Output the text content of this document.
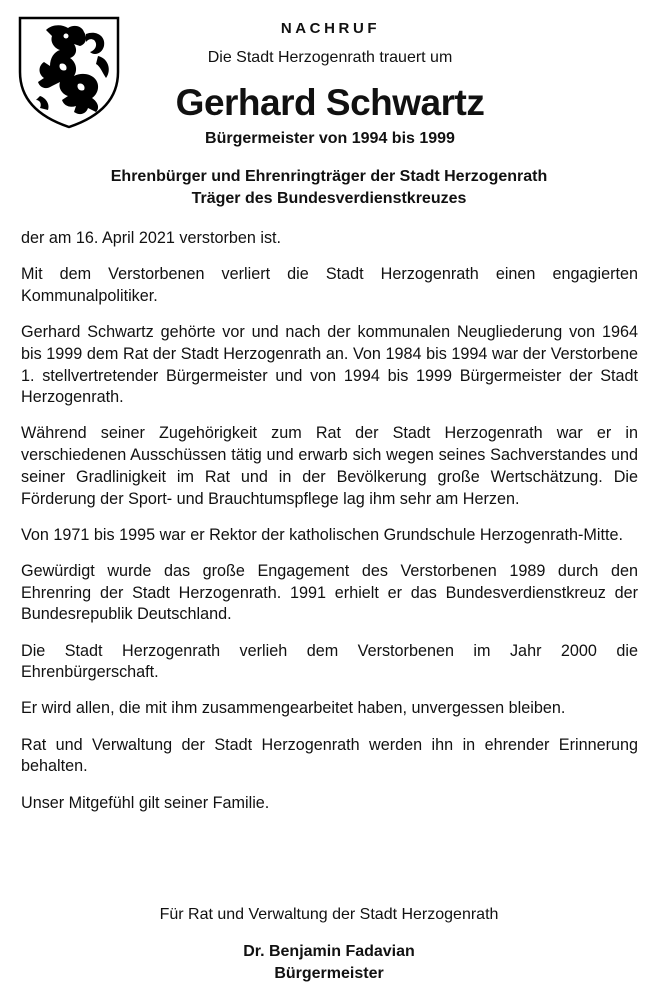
NACHRUF
Die Stadt Herzogenrath trauert um
Gerhard Schwartz
Bürgermeister von 1994 bis 1999
Ehrenbürger und Ehrenringträger der Stadt Herzogenrath
Träger des Bundesverdienstkreuzes

der am 16. April 2021 verstorben ist.

Mit dem Verstorbenen verliert die Stadt Herzogenrath einen engagierten Kommunalpolitiker.

Gerhard Schwartz gehörte vor und nach der kommunalen Neugliederung von 1964 bis 1999 dem Rat der Stadt Herzogenrath an. Von 1984 bis 1994 war der Verstorbene 1. stellvertretender Bürgermeister und von 1994 bis 1999 Bürgermeister der Stadt Herzogenrath.

Während seiner Zugehörigkeit zum Rat der Stadt Herzogenrath war er in verschiedenen Ausschüssen tätig und erwarb sich wegen seines Sachverstandes und seiner Gradlinigkeit im Rat und in der Bevölkerung große Wertschätzung. Die Förderung der Sport- und Brauchtumspflege lag ihm sehr am Herzen.

Von 1971 bis 1995 war er Rektor der katholischen Grundschule Herzogenrath-Mitte.

Gewürdigt wurde das große Engagement des Verstorbenen 1989 durch den Ehrenring der Stadt Herzogenrath. 1991 erhielt er das Bundesverdienstkreuz der Bundesrepublik Deutschland.

Die Stadt Herzogenrath verlieh dem Verstorbenen im Jahr 2000 die Ehrenbürgerschaft.

Er wird allen, die mit ihm zusammengearbeitet haben, unvergessen bleiben.

Rat und Verwaltung der Stadt Herzogenrath werden ihn in ehrender Erinnerung behalten.

Unser Mitgefühl gilt seiner Familie.

Für Rat und Verwaltung der Stadt Herzogenrath
Dr. Benjamin Fadavian
Bürgermeister
